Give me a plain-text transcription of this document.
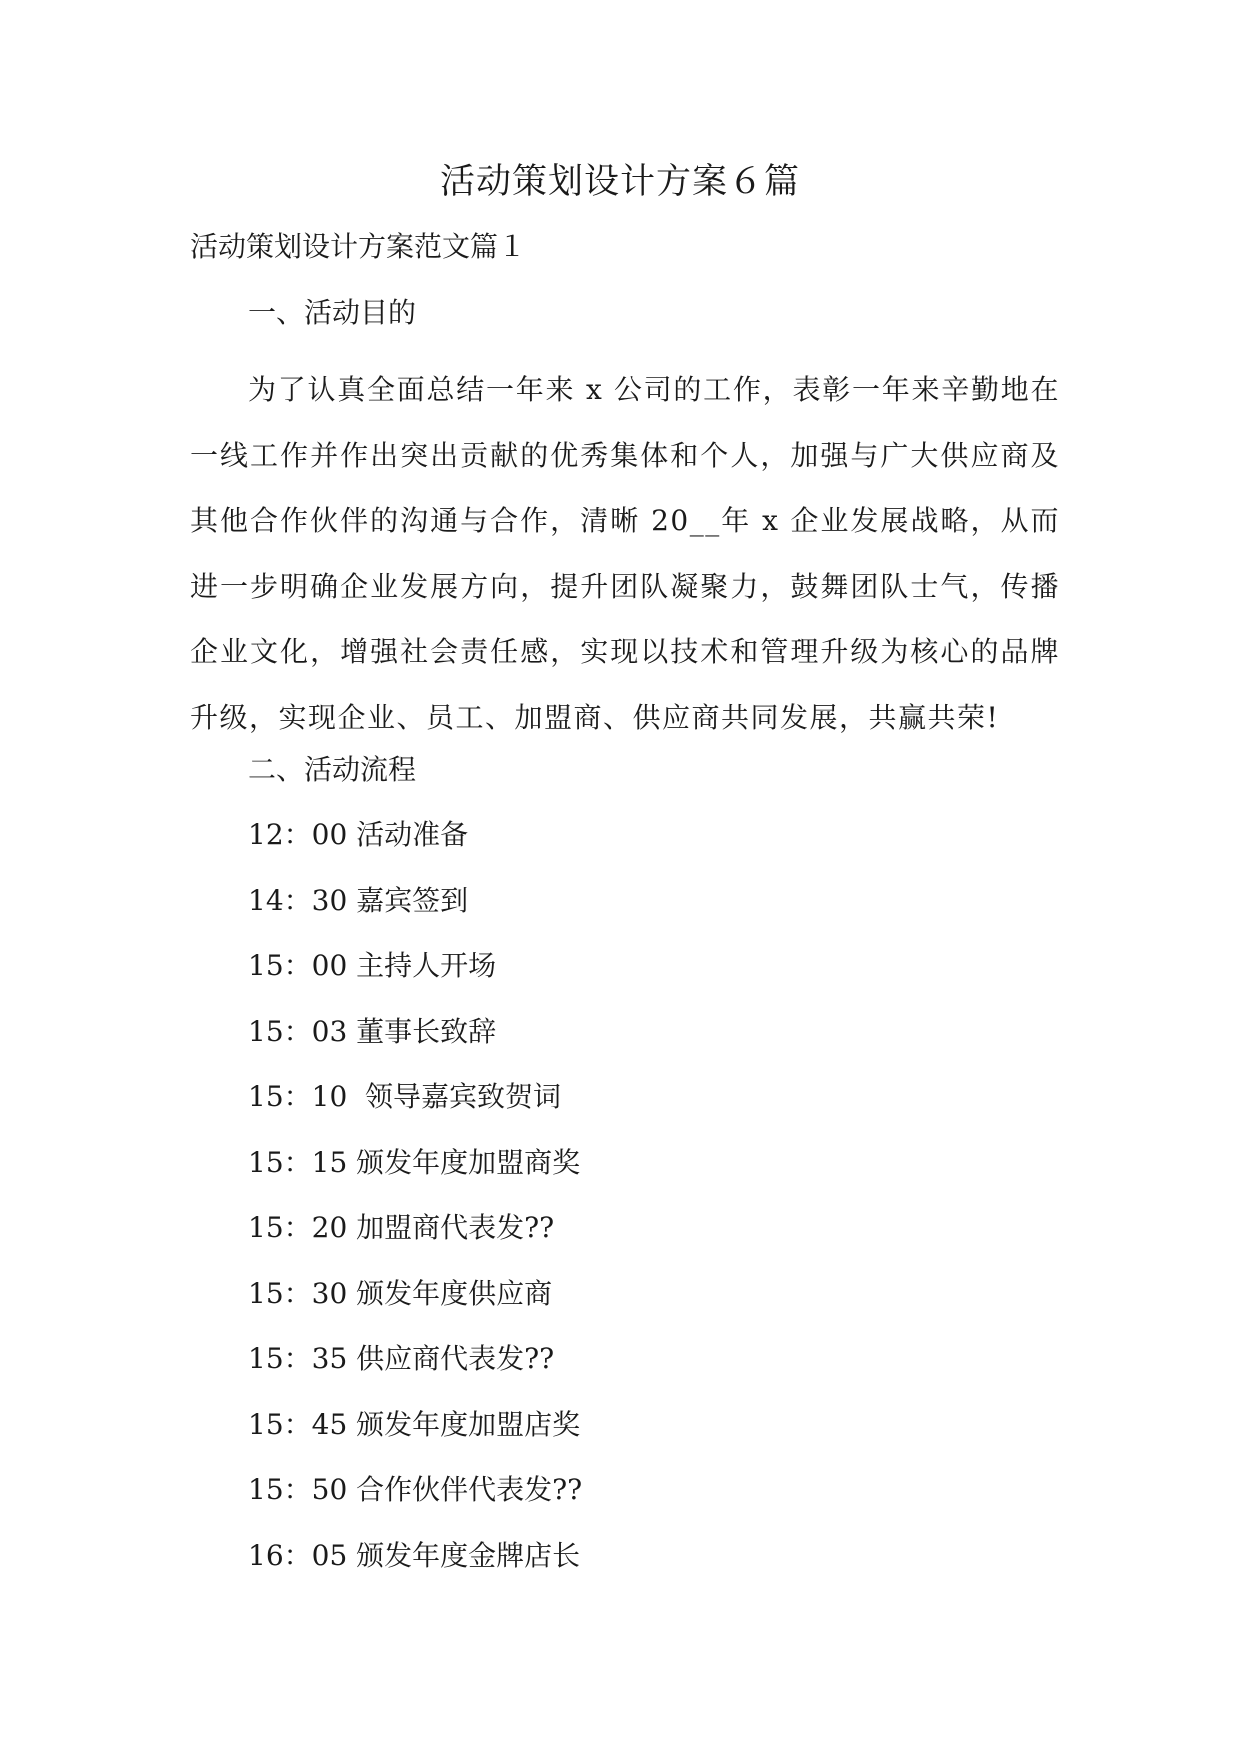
活动策划设计方案６篇

活动策划设计方案范文篇１

一、活动目的

为了认真全面总结一年来 x 公司的工作，表彰一年来辛勤地在一线工作并作出突出贡献的优秀集体和个人，加强与广大供应商及其他合作伙伴的沟通与合作，清晰 20__年 x 企业发展战略，从而进一步明确企业发展方向，提升团队凝聚力，鼓舞团队士气，传播企业文化，增强社会责任感，实现以技术和管理升级为核心的品牌升级，实现企业、员工、加盟商、供应商共同发展，共赢共荣!

二、活动流程

12：00 活动准备
14：30 嘉宾签到
15：00 主持人开场
15：03 董事长致辞
15：10  领导嘉宾致贺词
15：15 颁发年度加盟商奖
15：20 加盟商代表发??
15：30 颁发年度供应商
15：35 供应商代表发??
15：45 颁发年度加盟店奖
15：50 合作伙伴代表发??
16：05 颁发年度金牌店长
